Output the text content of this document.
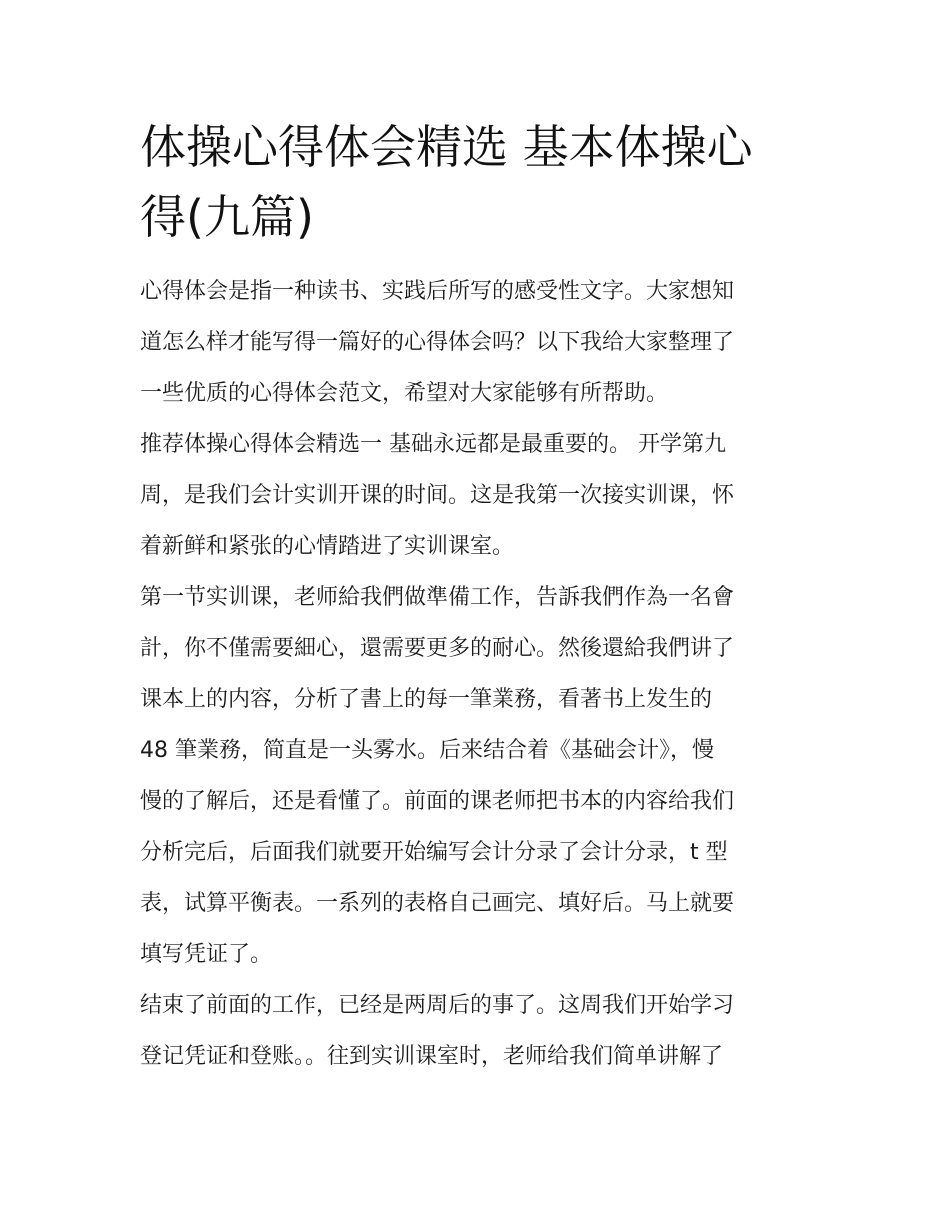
体操心得体会精选 基本体操心
得(九篇)

心得体会是指一种读书、实践后所写的感受性文字。大家想知
道怎么样才能写得一篇好的心得体会吗？以下我给大家整理了
一些优质的心得体会范文，希望对大家能够有所帮助。

推荐体操心得体会精选一 基础永远都是最重要的。 开学第九
周，是我们会计实训开课的时间。这是我第一次接实训课，怀
着新鲜和紧张的心情踏进了实训课室。

第一节实训课，老师給我們做準備工作，告訴我們作為一名會
計，你不僅需要細心，還需要更多的耐心。然後還給我們讲了
课本上的内容，分析了書上的每一筆業務，看著书上发生的
48 筆業務，简直是一头雾水。后来结合着《基础会计》，慢
慢的了解后，还是看懂了。前面的课老师把书本的内容给我们
分析完后，后面我们就要开始编写会计分录了会计分录，t 型
表，试算平衡表。一系列的表格自己画完、填好后。马上就要
填写凭证了。

结束了前面的工作，已经是两周后的事了。这周我们开始学习
登记凭证和登账。。往到实训课室时，老师给我们简单讲解了
